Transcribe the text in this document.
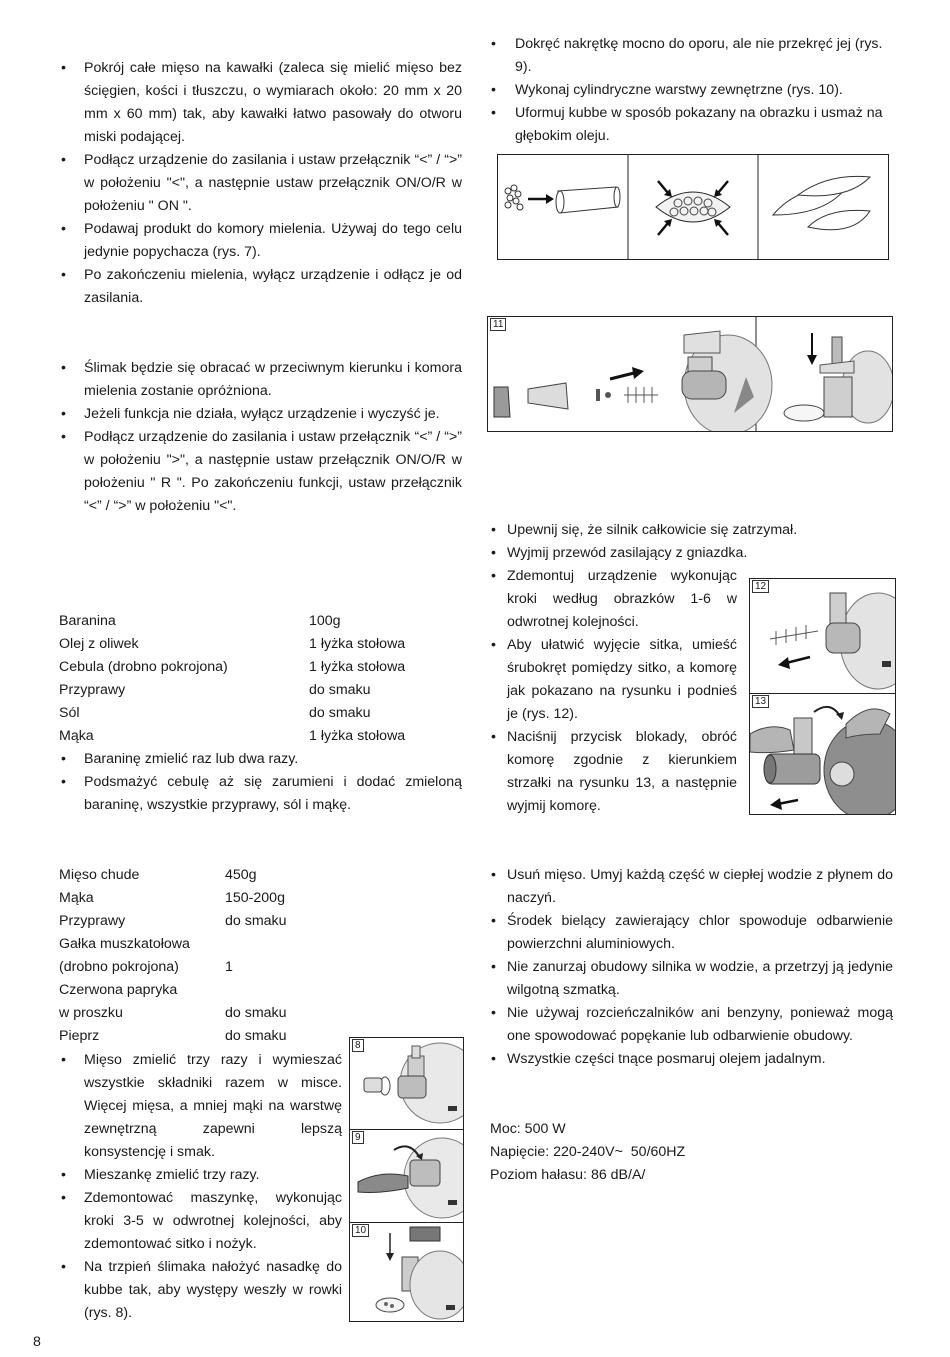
• Pokrój całe mięso na kawałki (zaleca się mielić mięso bez ścięgien, kości i tłuszczu, o wymiarach około: 20 mm x 20 mm x 60 mm) tak, aby kawałki łatwo pasowały do otworu miski podającej.
• Podłącz urządzenie do zasilania i ustaw przełącznik “<” / “>” w położeniu "<", a następnie ustaw przełącznik ON/O/R w położeniu " ON ".
• Podawaj produkt do komory mielenia. Używaj do tego celu jedynie popychacza (rys. 7).
• Po zakończeniu mielenia, wyłącz urządzenie i odłącz je od zasilania.
• Ślimak będzie się obracać w przeciwnym kierunku i komora mielenia zostanie opróżniona.
• Jeżeli funkcja nie działa, wyłącz urządzenie i wyczyść je.
• Podłącz urządzenie do zasilania i ustaw przełącznik “<” / “>” w położeniu ">", a następnie ustaw przełącznik ON/O/R w położeniu " R ". Po zakończeniu funkcji, ustaw przełącznik “<” / “>” w położeniu "<".
Baranina	100g
Olej z oliwek	1 łyżka stołowa
Cebula (drobno pokrojona)	1 łyżka stołowa
Przyprawy	do smaku
Sól	do smaku
Mąka	1 łyżka stołowa
• Baraninę zmielić raz lub dwa razy.
• Podsmażyć cebulę aż się zarumieni i dodać zmieloną baraninę, wszystkie przyprawy, sól i mąkę.
Mięso chude	450g
Mąka	150-200g
Przyprawy	do smaku
Gałka muszkatołowa	
(drobno pokrojona)	1
Czerwona papryka	
w proszku	do smaku
Pieprz	do smaku
• Mięso zmielić trzy razy i wymieszać wszystkie składniki razem w misce. Więcej mięsa, a mniej mąki na warstwę zewnętrzną zapewni lepszą konsystencję i smak.
• Mieszankę zmielić trzy razy.
• Zdemontować maszynkę, wykonując kroki 3-5 w odwrotnej kolejności, aby zdemontować sitko i nożyk.
• Na trzpień ślimaka nałożyć nasadkę do kubbe tak, aby występy weszły w rowki (rys. 8).
8
9
10
8
• Dokręć nakrętkę mocno do oporu, ale nie przekręć jej (rys. 9).
• Wykonaj cylindryczne warstwy zewnętrzne (rys. 10).
• Uformuj kubbe w sposób pokazany na obrazku i usmaż na głębokim oleju.
11
• Upewnij się, że silnik całkowicie się zatrzymał.
• Wyjmij przewód zasilający z gniazdka.
• Zdemontuj urządzenie wykonując kroki według obrazków 1-6 w odwrotnej kolejności.
• Aby ułatwić wyjęcie sitka, umieść śrubokręt pomiędzy sitko, a komorę jak pokazano na rysunku i podnieś je (rys. 12).
• Naciśnij przycisk blokady, obróć komorę zgodnie z kierunkiem strzałki na rysunku 13, a następnie wyjmij komorę.
12
13
• Usuń mięso. Umyj każdą część w ciepłej wodzie z płynem do naczyń.
• Środek bielący zawierający chlor spowoduje odbarwienie powierzchni aluminiowych.
• Nie zanurzaj obudowy silnika w wodzie, a przetrzyj ją jedynie wilgotną szmatką.
• Nie używaj rozcieńczalników ani benzyny, ponieważ mogą one spowodować popękanie lub odbarwienie obudowy.
• Wszystkie części tnące posmaruj olejem jadalnym.
Moc: 500 W
Napięcie: 220-240V~  50/60HZ
Poziom hałasu: 86 dB/A/
